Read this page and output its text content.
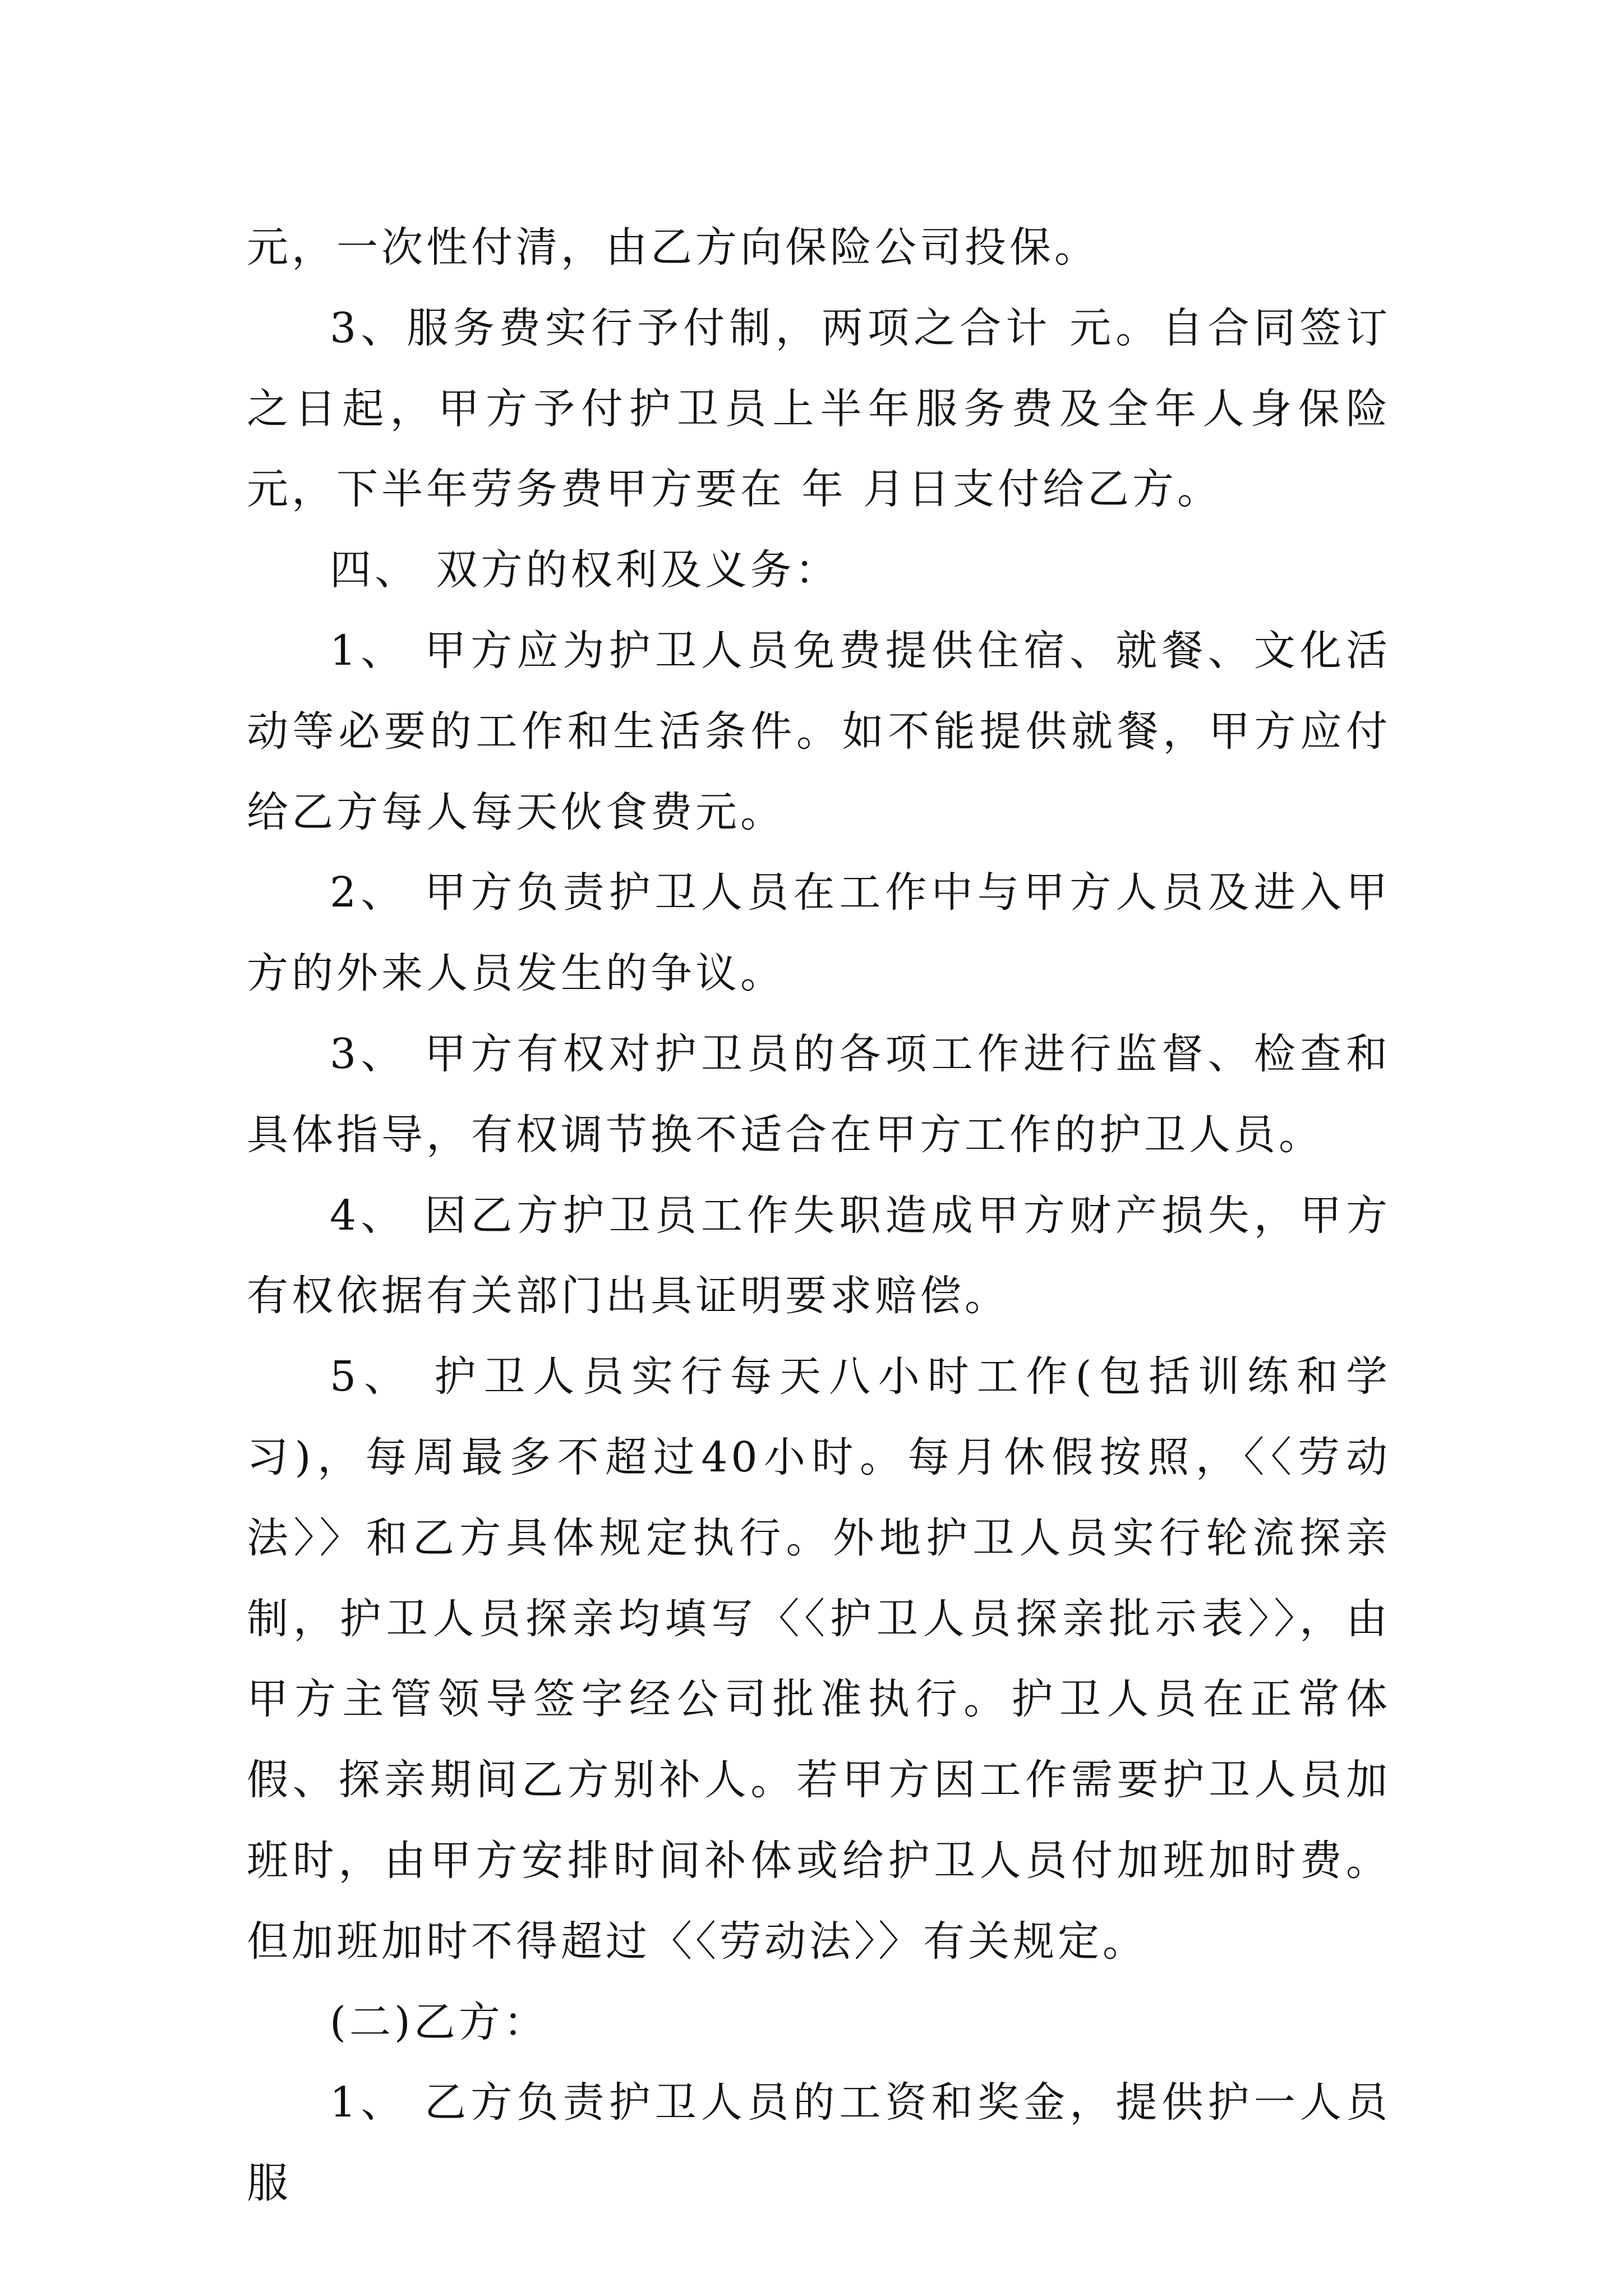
元，一次性付清，由乙方向保险公司投保。

3、服务费实行予付制，两项之合计 元。自合同签订之日起，甲方予付护卫员上半年服务费及全年人身保险 元，下半年劳务费甲方要在 年 月日支付给乙方。

四、 双方的权利及义务：

1、 甲方应为护卫人员免费提供住宿、就餐、文化活动等必要的工作和生活条件。如不能提供就餐，甲方应付给乙方每人每天伙食费元。

2、 甲方负责护卫人员在工作中与甲方人员及进入甲方的外来人员发生的争议。

3、 甲方有权对护卫员的各项工作进行监督、检查和具体指导，有权调节换不适合在甲方工作的护卫人员。

4、 因乙方护卫员工作失职造成甲方财产损失，甲方有权依据有关部门出具证明要求赔偿。

5、 护卫人员实行每天八小时工作(包括训练和学习)，每周最多不超过40小时。每月休假按照，〈〈劳动法〉〉和乙方具体规定执行。外地护卫人员实行轮流探亲制，护卫人员探亲均填写〈〈护卫人员探亲批示表〉〉，由甲方主管领导签字经公司批准执行。护卫人员在正常体假、探亲期间乙方别补人。若甲方因工作需要护卫人员加班时，由甲方安排时间补体或给护卫人员付加班加时费。但加班加时不得超过〈〈劳动法〉〉有关规定。

(二)乙方：

1、 乙方负责护卫人员的工资和奖金，提供护一人员服
